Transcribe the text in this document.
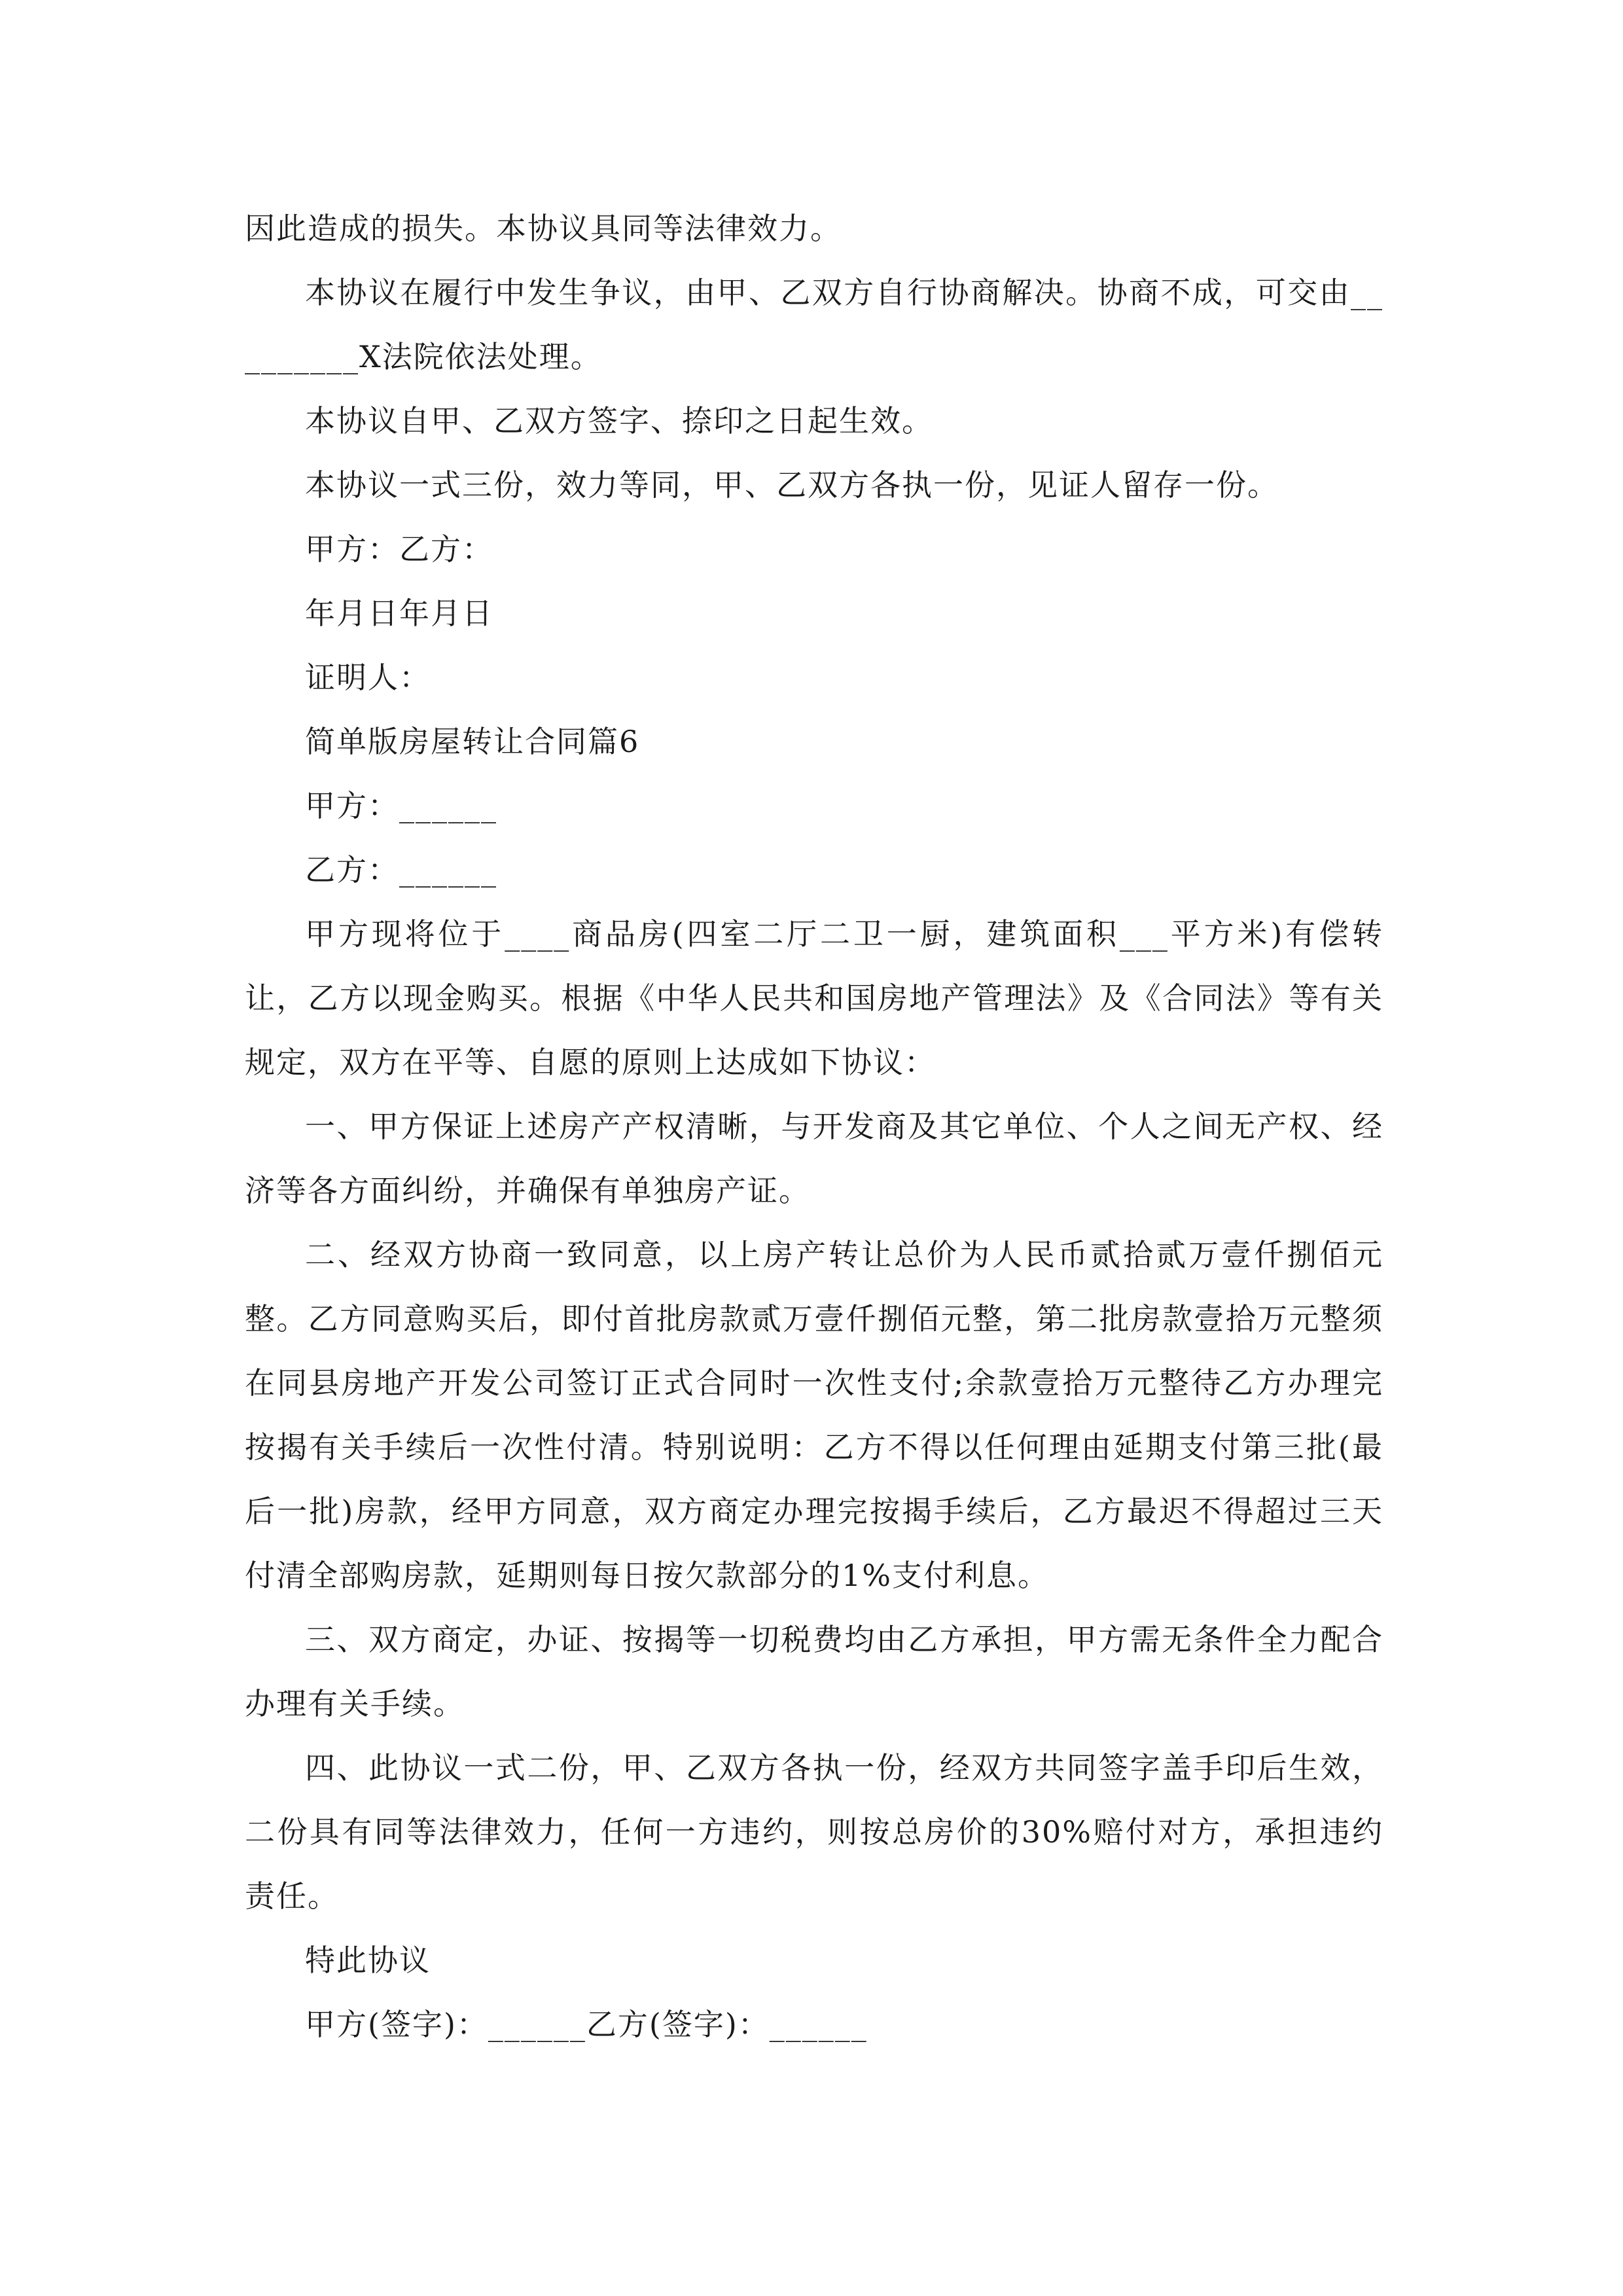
因此造成的损失。本协议具同等法律效力。

本协议在履行中发生争议，由甲、乙双方自行协商解决。协商不成，可交由_________X法院依法处理。

本协议自甲、乙双方签字、捺印之日起生效。

本协议一式三份，效力等同，甲、乙双方各执一份，见证人留存一份。

甲方：乙方：

年月日年月日

证明人：

简单版房屋转让合同篇6

甲方：______

乙方：______

甲方现将位于____商品房(四室二厅二卫一厨，建筑面积___平方米)有偿转让，乙方以现金购买。根据《中华人民共和国房地产管理法》及《合同法》等有关规定，双方在平等、自愿的原则上达成如下协议：

一、甲方保证上述房产产权清晰，与开发商及其它单位、个人之间无产权、经济等各方面纠纷，并确保有单独房产证。

二、经双方协商一致同意，以上房产转让总价为人民币贰拾贰万壹仟捌佰元整。乙方同意购买后，即付首批房款贰万壹仟捌佰元整，第二批房款壹拾万元整须在同县房地产开发公司签订正式合同时一次性支付;余款壹拾万元整待乙方办理完按揭有关手续后一次性付清。特别说明：乙方不得以任何理由延期支付第三批(最后一批)房款，经甲方同意，双方商定办理完按揭手续后，乙方最迟不得超过三天付清全部购房款，延期则每日按欠款部分的1%支付利息。

三、双方商定，办证、按揭等一切税费均由乙方承担，甲方需无条件全力配合办理有关手续。

四、此协议一式二份，甲、乙双方各执一份，经双方共同签字盖手印后生效，二份具有同等法律效力，任何一方违约，则按总房价的30%赔付对方，承担违约责任。

特此协议

甲方(签字)：______乙方(签字)：______
